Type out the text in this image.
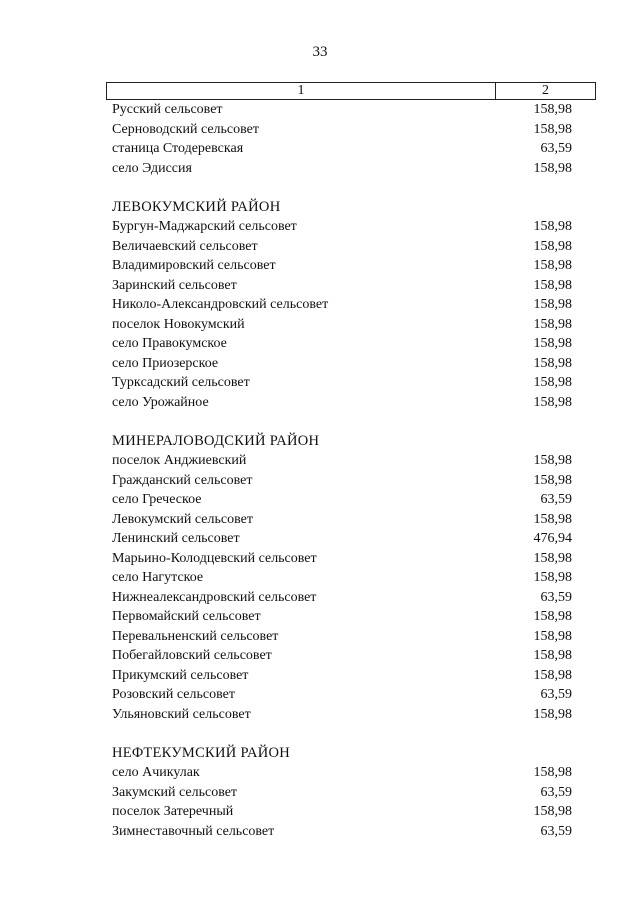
33
1	2
Русский сельсовет	158,98
Серноводский сельсовет	158,98
станица Стодеревская	63,59
село Эдиссия	158,98
ЛЕВОКУМСКИЙ РАЙОН
Бургун-Маджарский сельсовет	158,98
Величаевский сельсовет	158,98
Владимировский сельсовет	158,98
Заринский сельсовет	158,98
Николо-Александровский сельсовет	158,98
поселок Новокумский	158,98
село Правокумское	158,98
село Приозерское	158,98
Туркcадский сельсовет	158,98
село Урожайное	158,98
МИНЕРАЛОВОДСКИЙ РАЙОН
поселок Анджиевский	158,98
Гражданский сельсовет	158,98
село Греческое	63,59
Левокумский сельсовет	158,98
Ленинский сельсовет	476,94
Марьино-Колодцевский сельсовет	158,98
село Нагутское	158,98
Нижнеалександровский сельсовет	63,59
Первомайский сельсовет	158,98
Перевальненский сельсовет	158,98
Побегайловский сельсовет	158,98
Прикумский сельсовет	158,98
Розовский сельсовет	63,59
Ульяновский сельсовет	158,98
НЕФТЕКУМСКИЙ РАЙОН
село Ачикулак	158,98
Закумский сельсовет	63,59
поселок Затеречный	158,98
Зимнеставочный сельсовет	63,59
